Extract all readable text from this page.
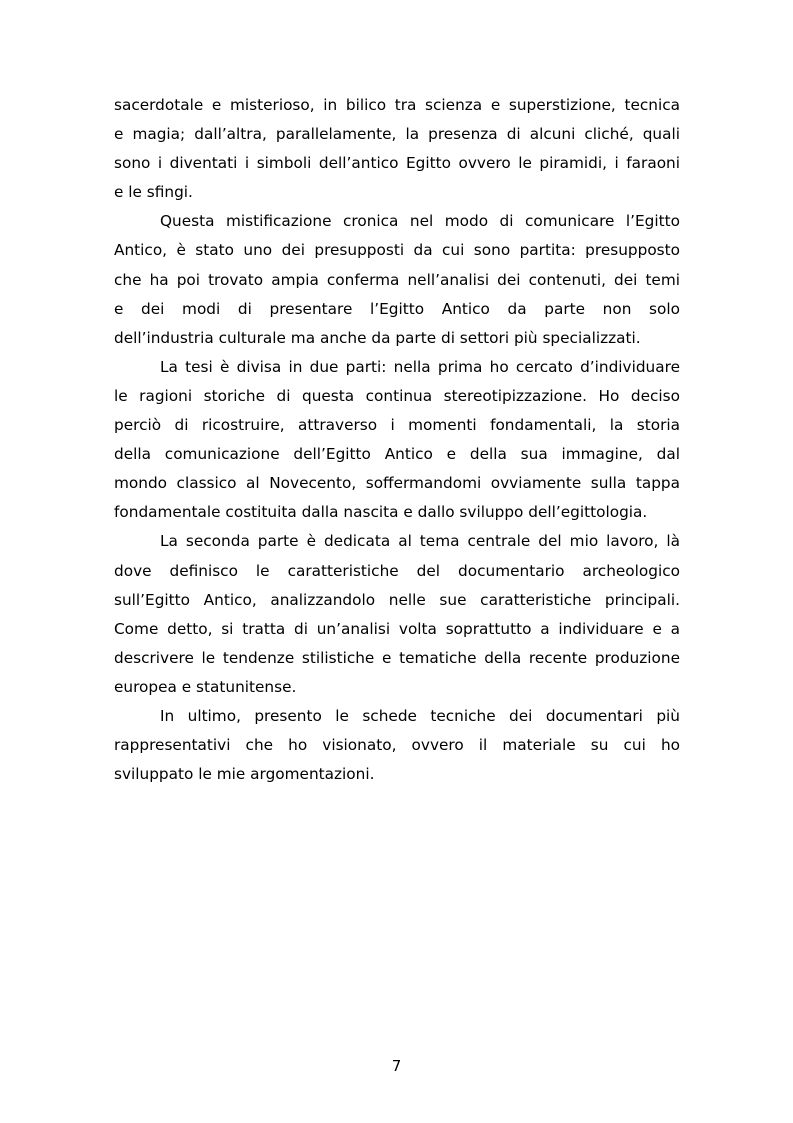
sacerdotale e misterioso, in bilico tra scienza e superstizione, tecnica
e magia; dall’altra, parallelamente, la presenza di alcuni cliché, quali
sono i diventati i simboli dell’antico Egitto ovvero le piramidi, i faraoni
e le sfingi.
Questa mistificazione cronica nel modo di comunicare l’Egitto
Antico, è stato uno dei presupposti da cui sono partita: presupposto
che ha poi trovato ampia conferma nell’analisi dei contenuti, dei temi
e dei modi di presentare l’Egitto Antico da parte non solo
dell’industria culturale ma anche da parte di settori più specializzati.
La tesi è divisa in due parti: nella prima ho cercato d’individuare
le ragioni storiche di questa continua stereotipizzazione. Ho deciso
perciò di ricostruire, attraverso i momenti fondamentali, la storia
della comunicazione dell’Egitto Antico e della sua immagine, dal
mondo classico al Novecento, soffermandomi ovviamente sulla tappa
fondamentale costituita dalla nascita e dallo sviluppo dell’egittologia.
La seconda parte è dedicata al tema centrale del mio lavoro, là
dove definisco le caratteristiche del documentario archeologico
sull’Egitto Antico, analizzandolo nelle sue caratteristiche principali.
Come detto, si tratta di un’analisi volta soprattutto a individuare e a
descrivere le tendenze stilistiche e tematiche della recente produzione
europea e statunitense.
In ultimo, presento le schede tecniche dei documentari più
rappresentativi che ho visionato, ovvero il materiale su cui ho
sviluppato le mie argomentazioni.
7
